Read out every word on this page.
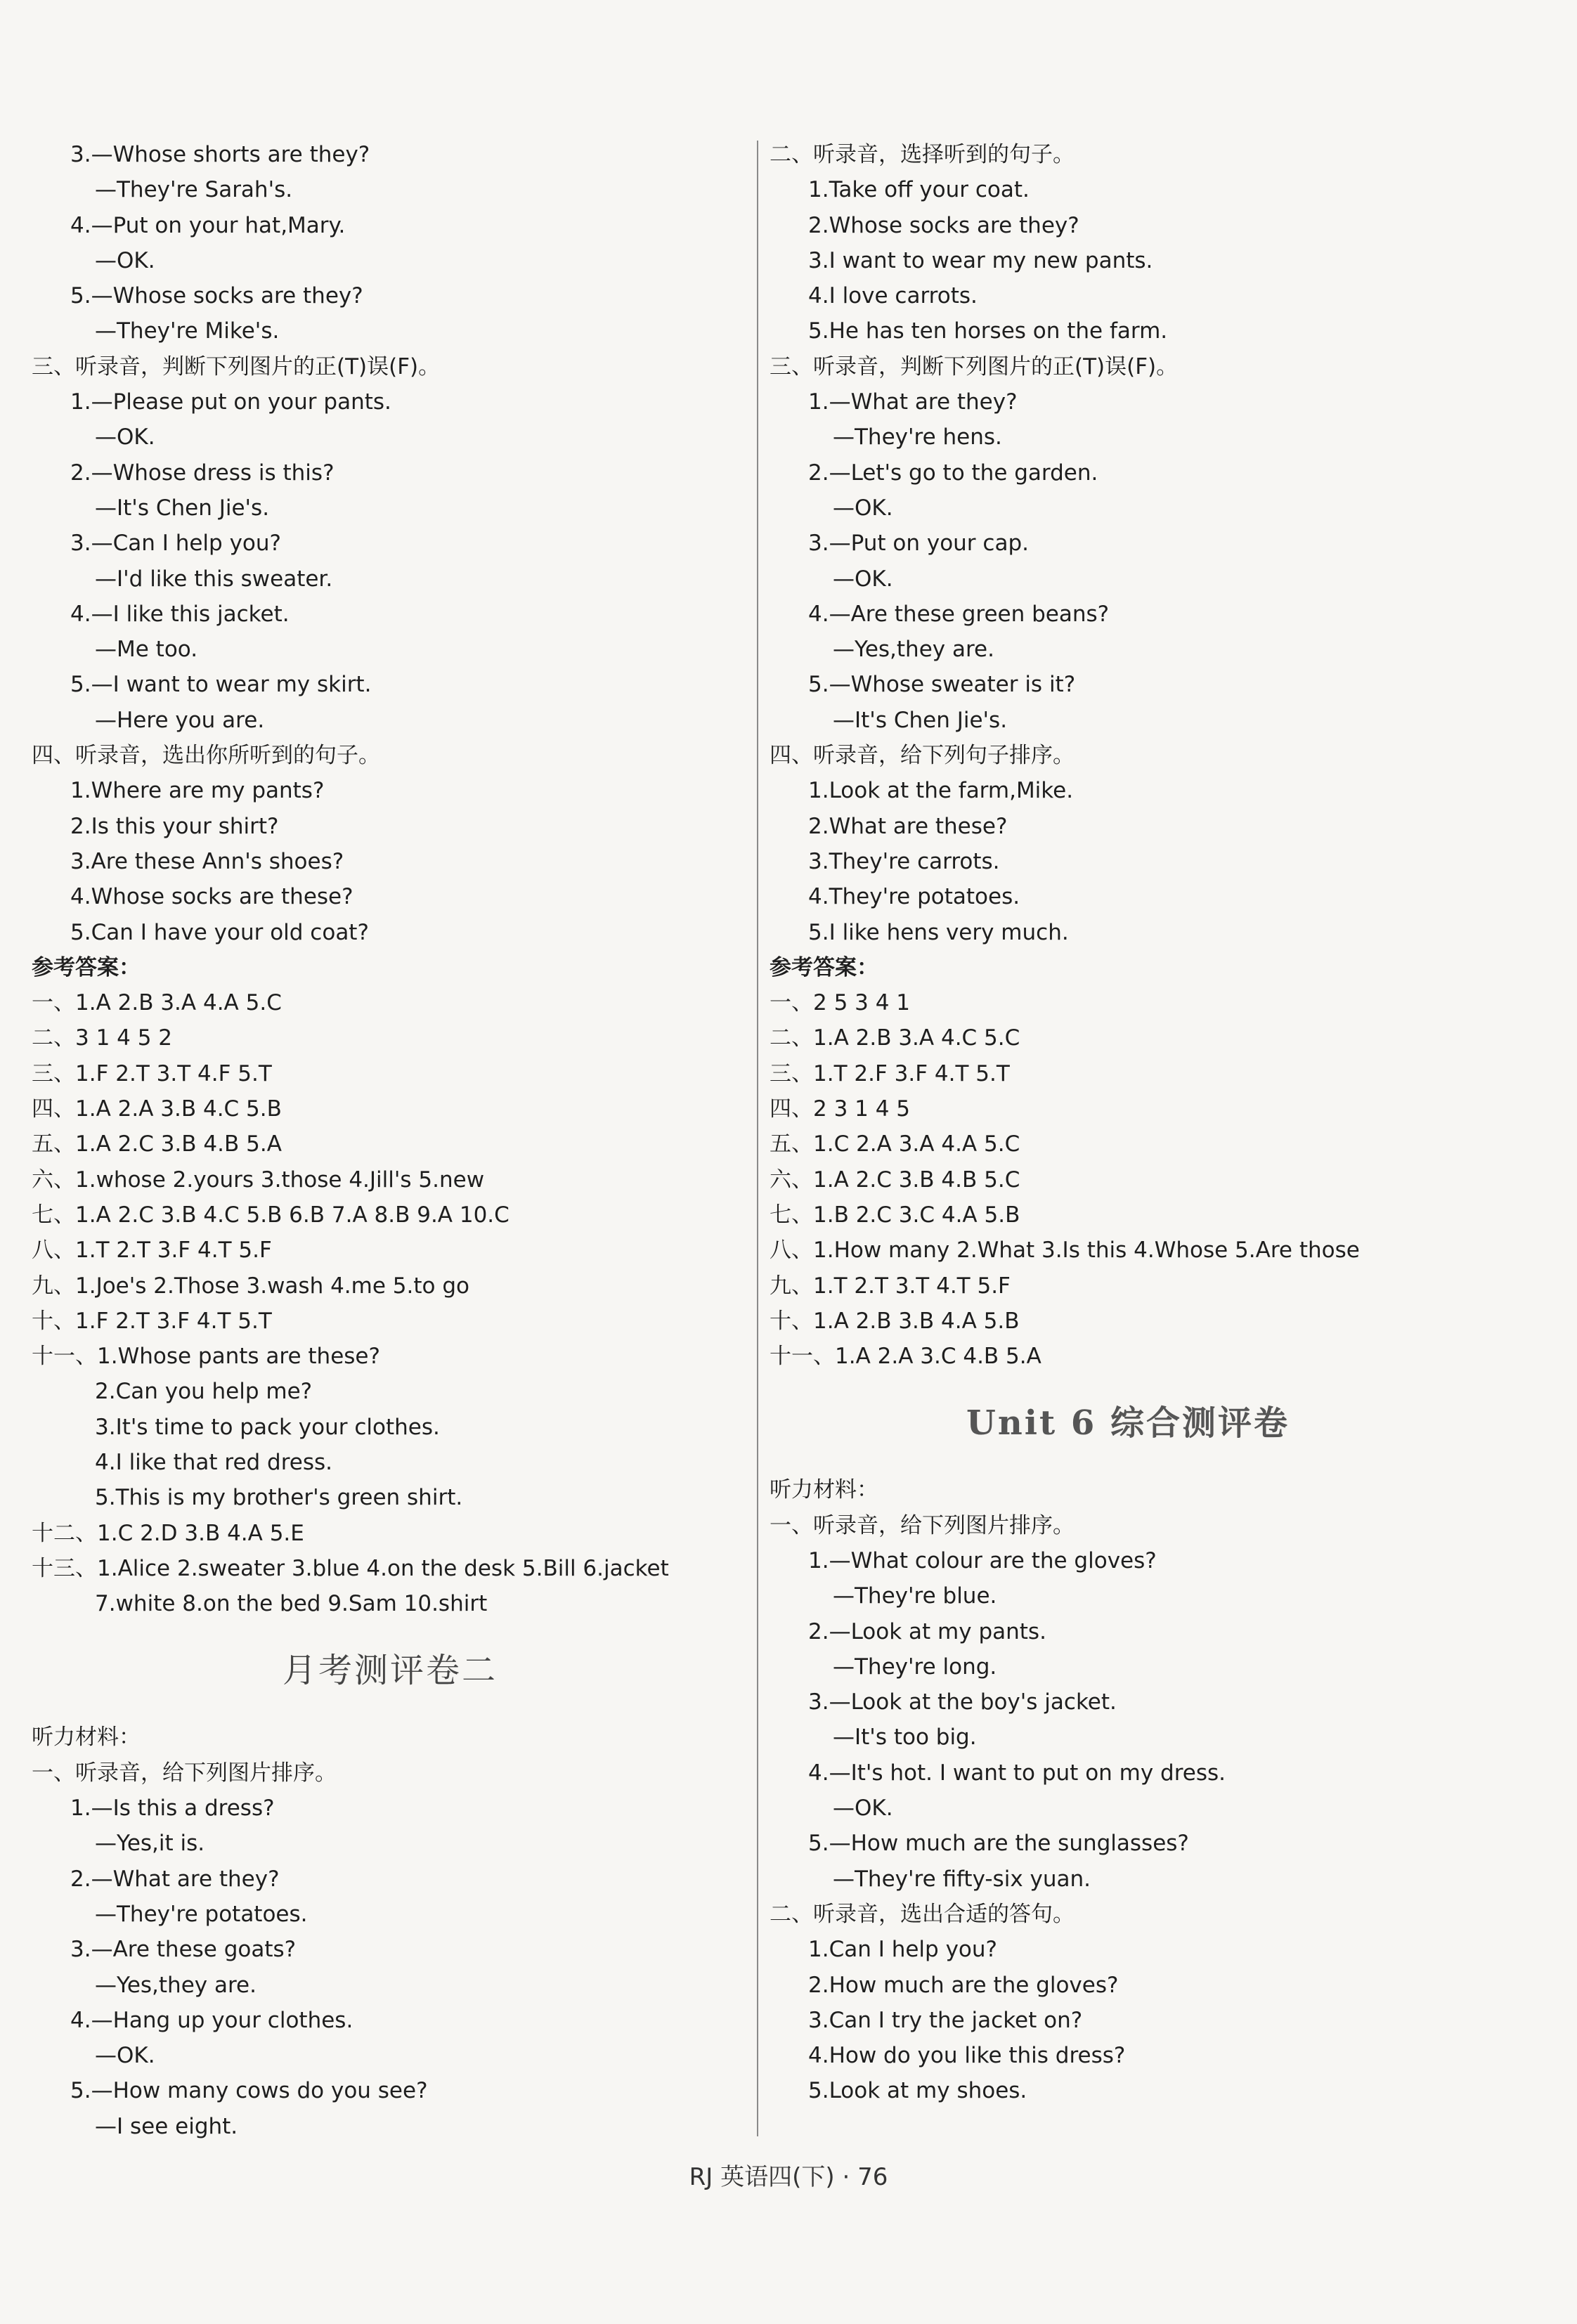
3.—Whose shorts are they?
—They're Sarah's.
4.—Put on your hat,Mary.
—OK.
5.—Whose socks are they?
—They're Mike's.
三、听录音，判断下列图片的正(T)误(F)。
1.—Please put on your pants.
—OK.
2.—Whose dress is this?
—It's Chen Jie's.
3.—Can I help you?
—I'd like this sweater.
4.—I like this jacket.
—Me too.
5.—I want to wear my skirt.
—Here you are.
四、听录音，选出你所听到的句子。
1.Where are my pants?
2.Is this your shirt?
3.Are these Ann's shoes?
4.Whose socks are these?
5.Can I have your old coat?
参考答案：
一、1.A 2.B 3.A 4.A 5.C
二、3 1 4 5 2
三、1.F 2.T 3.T 4.F 5.T
四、1.A 2.A 3.B 4.C 5.B
五、1.A 2.C 3.B 4.B 5.A
六、1.whose 2.yours 3.those 4.Jill's 5.new
七、1.A 2.C 3.B 4.C 5.B 6.B 7.A 8.B 9.A 10.C
八、1.T 2.T 3.F 4.T 5.F
九、1.Joe's 2.Those 3.wash 4.me 5.to go
十、1.F 2.T 3.F 4.T 5.T
十一、1.Whose pants are these?
2.Can you help me?
3.It's time to pack your clothes.
4.I like that red dress.
5.This is my brother's green shirt.
十二、1.C 2.D 3.B 4.A 5.E
十三、1.Alice 2.sweater 3.blue 4.on the desk 5.Bill 6.jacket
7.white 8.on the bed 9.Sam 10.shirt
月考测评卷二
听力材料：
一、听录音，给下列图片排序。
1.—Is this a dress?
—Yes,it is.
2.—What are they?
—They're potatoes.
3.—Are these goats?
—Yes,they are.
4.—Hang up your clothes.
—OK.
5.—How many cows do you see?
—I see eight.
二、听录音，选择听到的句子。
1.Take off your coat.
2.Whose socks are they?
3.I want to wear my new pants.
4.I love carrots.
5.He has ten horses on the farm.
三、听录音，判断下列图片的正(T)误(F)。
1.—What are they?
—They're hens.
2.—Let's go to the garden.
—OK.
3.—Put on your cap.
—OK.
4.—Are these green beans?
—Yes,they are.
5.—Whose sweater is it?
—It's Chen Jie's.
四、听录音，给下列句子排序。
1.Look at the farm,Mike.
2.What are these?
3.They're carrots.
4.They're potatoes.
5.I like hens very much.
参考答案：
一、2 5 3 4 1
二、1.A 2.B 3.A 4.C 5.C
三、1.T 2.F 3.F 4.T 5.T
四、2 3 1 4 5
五、1.C 2.A 3.A 4.A 5.C
六、1.A 2.C 3.B 4.B 5.C
七、1.B 2.C 3.C 4.A 5.B
八、1.How many 2.What 3.Is this 4.Whose 5.Are those
九、1.T 2.T 3.T 4.T 5.F
十、1.A 2.B 3.B 4.A 5.B
十一、1.A 2.A 3.C 4.B 5.A
Unit 6 综合测评卷
听力材料：
一、听录音，给下列图片排序。
1.—What colour are the gloves?
—They're blue.
2.—Look at my pants.
—They're long.
3.—Look at the boy's jacket.
—It's too big.
4.—It's hot. I want to put on my dress.
—OK.
5.—How much are the sunglasses?
—They're fifty-six yuan.
二、听录音，选出合适的答句。
1.Can I help you?
2.How much are the gloves?
3.Can I try the jacket on?
4.How do you like this dress?
5.Look at my shoes.
RJ 英语四(下) · 76
